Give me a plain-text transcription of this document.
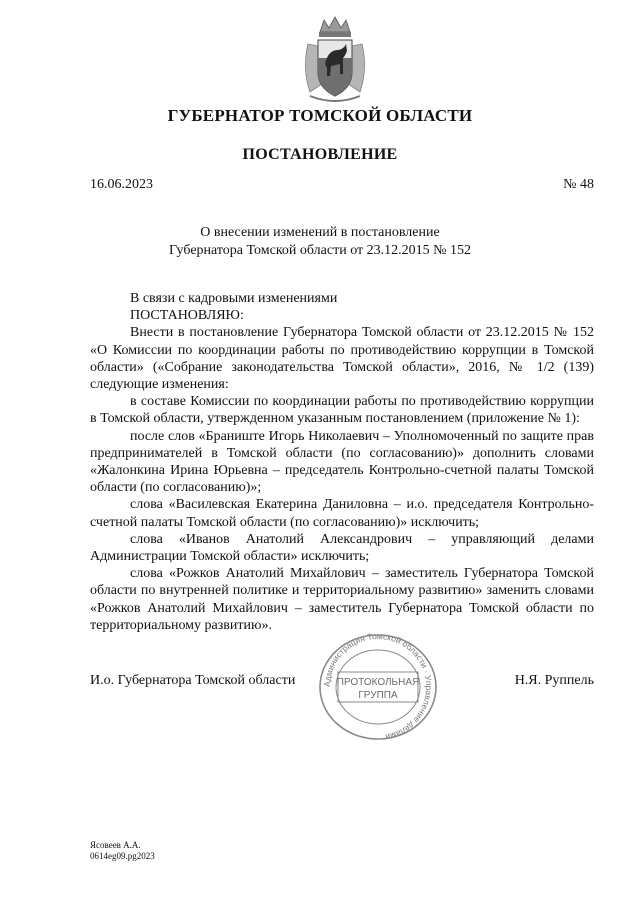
ГУБЕРНАТОР ТОМСКОЙ ОБЛАСТИ
ПОСТАНОВЛЕНИЕ
16.06.2023	№ 48
О внесении изменений в постановление
Губернатора Томской области от 23.12.2015 № 152

В связи с кадровыми изменениями

ПОСТАНОВЛЯЮ:

Внести в постановление Губернатора Томской области от 23.12.2015 № 152 «О Комиссии по координации работы по противодействию коррупции в Томской области» («Собрание законодательства Томской области», 2016, № 1/2 (139) следующие изменения:

в составе Комиссии по координации работы по противодействию коррупции в Томской области, утвержденном указанным постановлением (приложение № 1):

после слов «Браниште Игорь Николаевич – Уполномоченный по защите прав предпринимателей в Томской области (по согласованию)» дополнить словами «Жалонкина Ирина Юрьевна – председатель Контрольно-счетной палаты Томской области (по согласованию)»;

слова «Василевская Екатерина Даниловна – и.о. председателя Контрольно-счетной палаты Томской области (по согласованию)» исключить;

слова «Иванов Анатолий Александрович – управляющий делами Администрации Томской области» исключить;

слова «Рожков Анатолий Михайлович – заместитель Губернатора Томской области по внутренней политике и территориальному развитию» заменить словами «Рожков Анатолий Михайлович – заместитель Губернатора Томской области по территориальному развитию».

И.о. Губернатора Томской области	Н.Я. Руппель
Администрация Томской области · Управление делами
ПРОТОКОЛЬНАЯ
ГРУППА
Ясовеев А.А.
0614eg09.pg2023
